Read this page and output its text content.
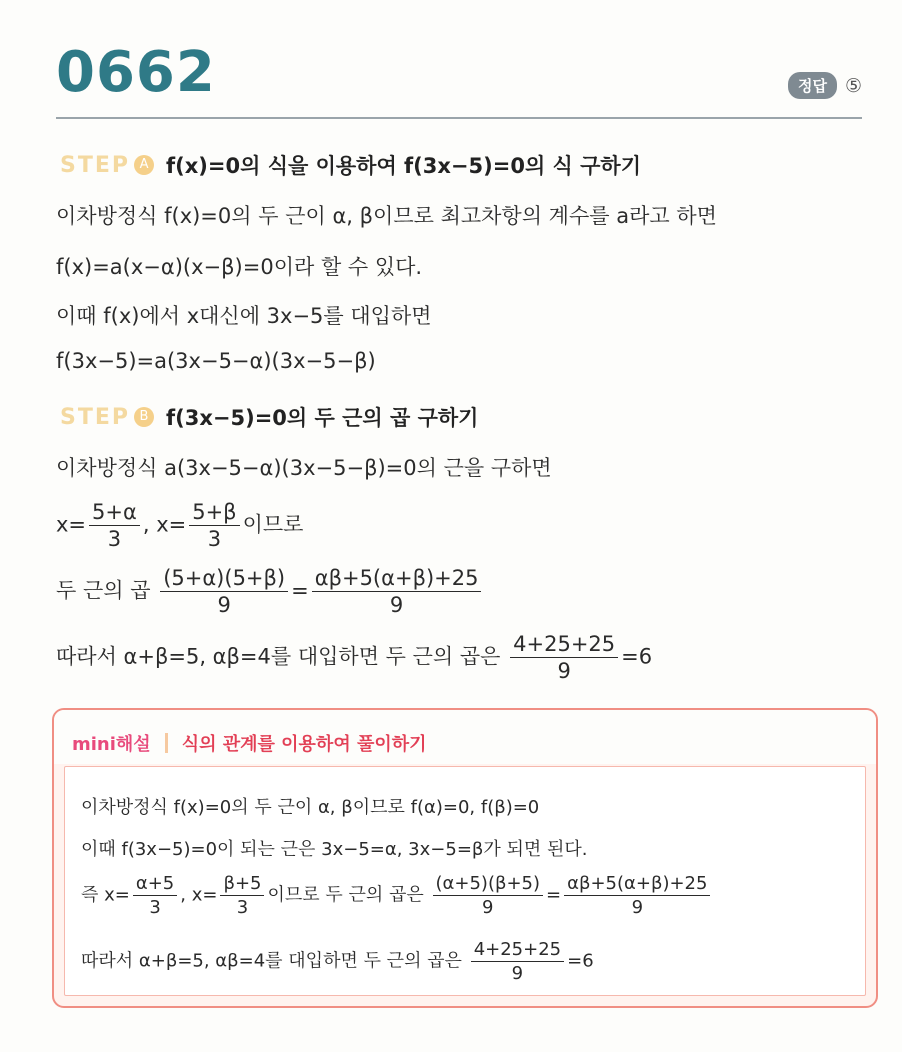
0662	정답 ⑤
STEP A f(x)=0의 식을 이용하여 f(3x−5)=0의 식 구하기
이차방정식 f(x)=0의 두 근이 α, β이므로 최고차항의 계수를 a라고 하면
f(x)=a(x−α)(x−β)=0이라 할 수 있다.
이때 f(x)에서 x대신에 3x−5를 대입하면
f(3x−5)=a(3x−5−α)(3x−5−β)
STEP B f(3x−5)=0의 두 근의 곱 구하기
이차방정식 a(3x−5−α)(3x−5−β)=0의 근을 구하면
$x= \frac{5+\alpha}{3}$ , $x= \frac{5+\beta}{3}$ 이므로
두 근의 곱 $\frac{(5+\alpha)(5+\beta)}{9} = \frac{\alpha\beta+5(\alpha+\beta)+25}{9}$
따라서 α+β=5, αβ=4를 대입하면 두 근의 곱은 $\frac{4+25+25}{9} =6$
mini해설 식의 관계를 이용하여 풀이하기
이차방정식 f(x)=0의 두 근이 α, β이므로 f(α)=0, f(β)=0
이때 f(3x−5)=0이 되는 근은 3x−5=α, 3x−5=β가 되면 된다.
즉 $x= \frac{\alpha+5}{3}$ , $x= \frac{\beta+5}{3}$ 이므로 두 근의 곱은 $\frac{(\alpha+5)(\beta+5)}{9} = \frac{\alpha\beta+5(\alpha+\beta)+25}{9}$
따라서 α+β=5, αβ=4를 대입하면 두 근의 곱은 $\frac{4+25+25}{9} =6$
